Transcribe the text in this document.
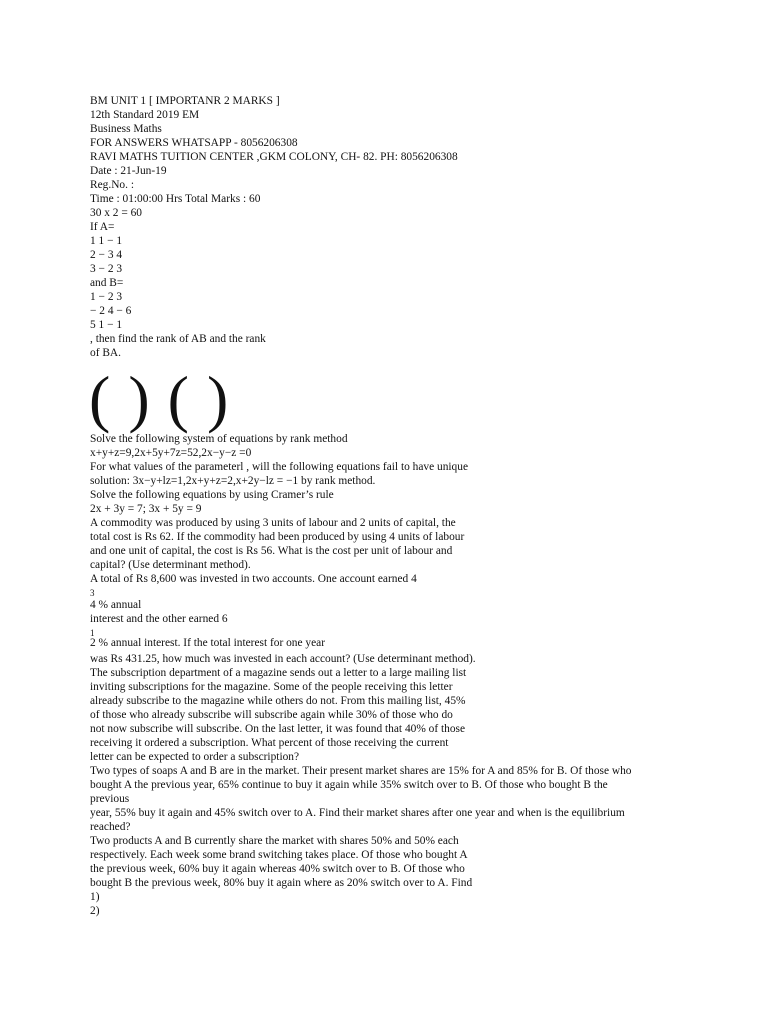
BM UNIT 1 [ IMPORTANR 2 MARKS ]

12th Standard 2019 EM

Business Maths

FOR ANSWERS WHATSAPP - 8056206308

RAVI MATHS TUITION CENTER ,GKM COLONY, CH- 82. PH: 8056206308

Date : 21-Jun-19

Reg.No. :

Time : 01:00:00 Hrs Total Marks : 60

30 x 2 = 60

If A=

1 1 − 1

2 − 3 4

3 − 2 3

and B=

1 − 2 3

− 2 4 − 6

5 1 − 1

, then find the rank of AB and the rank

of BA.

( ) ( )

Solve the following system of equations by rank method

x+y+z=9,2x+5y+7z=52,2x−y−z =0

For what values of the parameterl , will the following equations fail to have unique

solution: 3x−y+lz=1,2x+y+z=2,x+2y−lz = −1 by rank method.

Solve the following equations by using Cramer’s rule

2x + 3y = 7; 3x + 5y = 9

A commodity was produced by using 3 units of labour and 2 units of capital, the

total cost is Rs 62. If the commodity had been produced by using 4 units of labour

and one unit of capital, the cost is Rs 56. What is the cost per unit of labour and

capital? (Use determinant method).

A total of Rs 8,600 was invested in two accounts. One account earned 4

3

4 % annual

interest and the other earned 6

1

2 % annual interest. If the total interest for one year

was Rs 431.25, how much was invested in each account? (Use determinant method).

The subscription department of a magazine sends out a letter to a large mailing list

inviting subscriptions for the magazine. Some of the people receiving this letter

already subscribe to the magazine while others do not. From this mailing list, 45%

of those who already subscribe will subscribe again while 30% of those who do

not now subscribe will subscribe. On the last letter, it was found that 40% of those

receiving it ordered a subscription. What percent of those receiving the current

letter can be expected to order a subscription?

Two types of soaps A and B are in the market. Their present market shares are 15% for A and 85% for B. Of those who

bought A the previous year, 65% continue to buy it again while 35% switch over to B. Of those who bought B the

previous

year, 55% buy it again and 45% switch over to A. Find their market shares after one year and when is the equilibrium

reached?

Two products A and B currently share the market with shares 50% and 50% each

respectively. Each week some brand switching takes place. Of those who bought A

the previous week, 60% buy it again whereas 40% switch over to B. Of those who

bought B the previous week, 80% buy it again where as 20% switch over to A. Find

1)

2)
